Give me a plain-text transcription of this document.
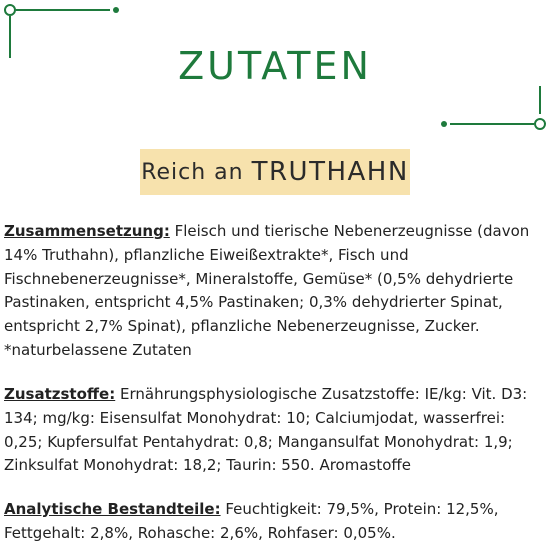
ZUTATEN
Reich an TRUTHAHN
Zusammensetzung: Fleisch und tierische Nebenerzeugnisse (davon 14% Truthahn), pflanzliche Eiweißextrakte*, Fisch und Fischnebenerzeugnisse*, Mineralstoffe, Gemüse* (0,5% dehydrierte Pastinaken, entspricht 4,5% Pastinaken; 0,3% dehydrierter Spinat, entspricht 2,7% Spinat), pflanzliche Nebenerzeugnisse, Zucker.
*naturbelassene Zutaten
Zusatzstoffe: Ernährungsphysiologische Zusatzstoffe: IE/kg: Vit. D3: 134; mg/kg: Eisensulfat Monohydrat: 10; Calciumjodat, wasserfrei: 0,25; Kupfersulfat Pentahydrat: 0,8; Mangansulfat Monohydrat: 1,9; Zinksulfat Monohydrat: 18,2; Taurin: 550. Aromastoffe
Analytische Bestandteile: Feuchtigkeit: 79,5%, Protein: 12,5%, Fettgehalt: 2,8%, Rohasche: 2,6%, Rohfaser: 0,05%.
